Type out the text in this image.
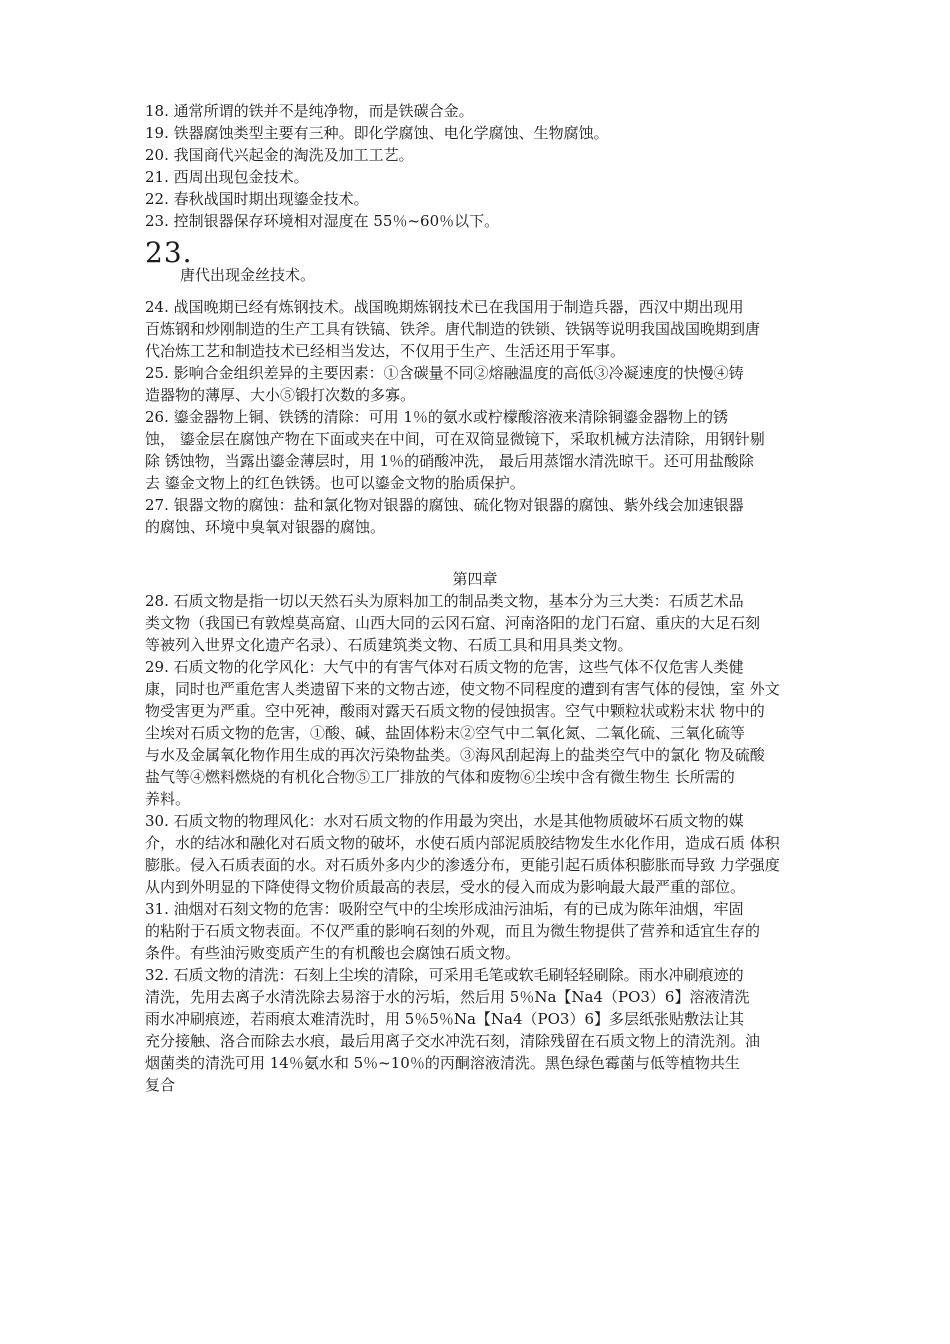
18. 通常所谓的铁并不是纯净物，而是铁碳合金。
19. 铁器腐蚀类型主要有三种。即化学腐蚀、电化学腐蚀、生物腐蚀。
20. 我国商代兴起金的淘洗及加工工艺。
21. 西周出现包金技术。
22. 春秋战国时期出现鎏金技术。
23. 控制银器保存环境相对湿度在 55％~60％以下。
23.
唐代出现金丝技术。
24. 战国晚期已经有炼钢技术。战国晚期炼钢技术已在我国用于制造兵器，西汉中期出现用
百炼钢和炒刚制造的生产工具有铁镐、铁斧。唐代制造的铁锁、铁锅等说明我国战国晚期到唐
代冶炼工艺和制造技术已经相当发达，不仅用于生产、生活还用于军事。
25. 影响合金组织差异的主要因素：①含碳量不同②熔融温度的高低③冷凝速度的快慢④铸
造器物的薄厚、大小⑤锻打次数的多寡。
26. 鎏金器物上铜、铁锈的清除：可用 1％的氨水或柠檬酸溶液来清除铜鎏金器物上的锈
蚀， 鎏金层在腐蚀产物在下面或夹在中间，可在双筒显微镜下，采取机械方法清除，用钢针剔
除 锈蚀物，当露出鎏金薄层时，用 1％的硝酸冲洗， 最后用蒸馏水清洗晾干。还可用盐酸除
去 鎏金文物上的红色铁锈。也可以鎏金文物的胎质保护。
27. 银器文物的腐蚀：盐和氯化物对银器的腐蚀、硫化物对银器的腐蚀、紫外线会加速银器
的腐蚀、环境中臭氧对银器的腐蚀。
第四章
28. 石质文物是指一切以天然石头为原料加工的制品类文物，基本分为三大类：石质艺术品
类文物（我国已有敦煌莫高窟、山西大同的云冈石窟、河南洛阳的龙门石窟、重庆的大足石刻
等被列入世界文化遗产名录）、石质建筑类文物、石质工具和用具类文物。
29. 石质文物的化学风化：大气中的有害气体对石质文物的危害，这些气体不仅危害人类健
康，同时也严重危害人类遗留下来的文物古迹，使文物不同程度的遭到有害气体的侵蚀，室 外文
物受害更为严重。空中死神，酸雨对露天石质文物的侵蚀损害。空气中颗粒状或粉末状 物中的
尘埃对石质文物的危害，①酸、碱、盐固体粉末②空气中二氧化氮、二氧化硫、三氧化硫等
与水及金属氧化物作用生成的再次污染物盐类。③海风刮起海上的盐类空气中的氯化 物及硫酸
盐气等④燃料燃烧的有机化合物⑤工厂排放的气体和废物⑥尘埃中含有微生物生 长所需的
养料。
30. 石质文物的物理风化：水对石质文物的作用最为突出，水是其他物质破坏石质文物的媒
介，水的结冰和融化对石质文物的破坏，水使石质内部泥质胶结物发生水化作用，造成石质 体积
膨胀。侵入石质表面的水。对石质外多内少的渗透分布，更能引起石质体积膨胀而导致 力学强度
从内到外明显的下降使得文物价质最高的表层，受水的侵入而成为影响最大最严重的部位。
31. 油烟对石刻文物的危害：吸附空气中的尘埃形成油污油垢，有的已成为陈年油烟，牢固
的粘附于石质文物表面。不仅严重的影响石刻的外观，而且为微生物提供了营养和适宜生存的
条件。有些油污败变质产生的有机酸也会腐蚀石质文物。
32. 石质文物的清洗：石刻上尘埃的清除，可采用毛笔或软毛刷轻轻刷除。雨水冲刷痕迹的
清洗，先用去离子水清洗除去易溶于水的污垢，然后用 5％Na【Na4（PO3）6】溶液清洗
雨水冲刷痕迹，若雨痕太难清洗时，用 5％5％Na【Na4（PO3）6】多层纸张贴敷法让其
充分接触、洛合而除去水痕，最后用离子交水冲洗石刻，清除残留在石质文物上的清洗剂。油
烟菌类的清洗可用 14％氨水和 5％~10％的丙酮溶液清洗。黑色绿色霉菌与低等植物共生
复合
